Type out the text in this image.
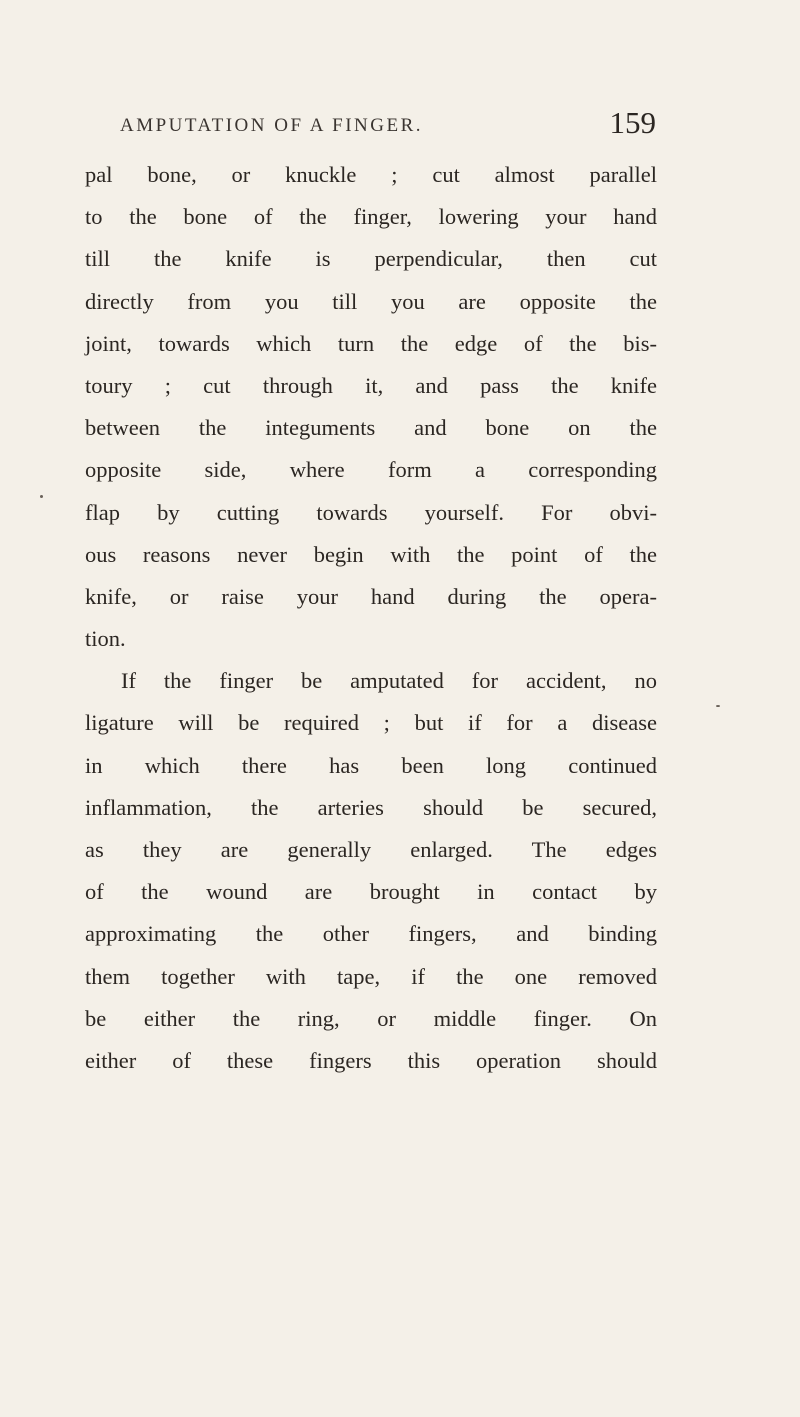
AMPUTATION OF A FINGER.	159
pal bone, or knuckle ; cut almost parallel
to the bone of the finger, lowering your hand
till the knife is perpendicular, then cut
directly from you till you are opposite the
joint, towards which turn the edge of the bis-
toury ; cut through it, and pass the knife
between the integuments and bone on the
opposite side, where form a corresponding
flap by cutting towards yourself. For obvi-
ous reasons never begin with the point of the
knife, or raise your hand during the opera-
tion.
If the finger be amputated for accident, no
ligature will be required ; but if for a disease
in which there has been long continued
inflammation, the arteries should be secured,
as they are generally enlarged. The edges
of the wound are brought in contact by
approximating the other fingers, and binding
them together with tape, if the one removed
be either the ring, or middle finger. On
either of these fingers this operation should
